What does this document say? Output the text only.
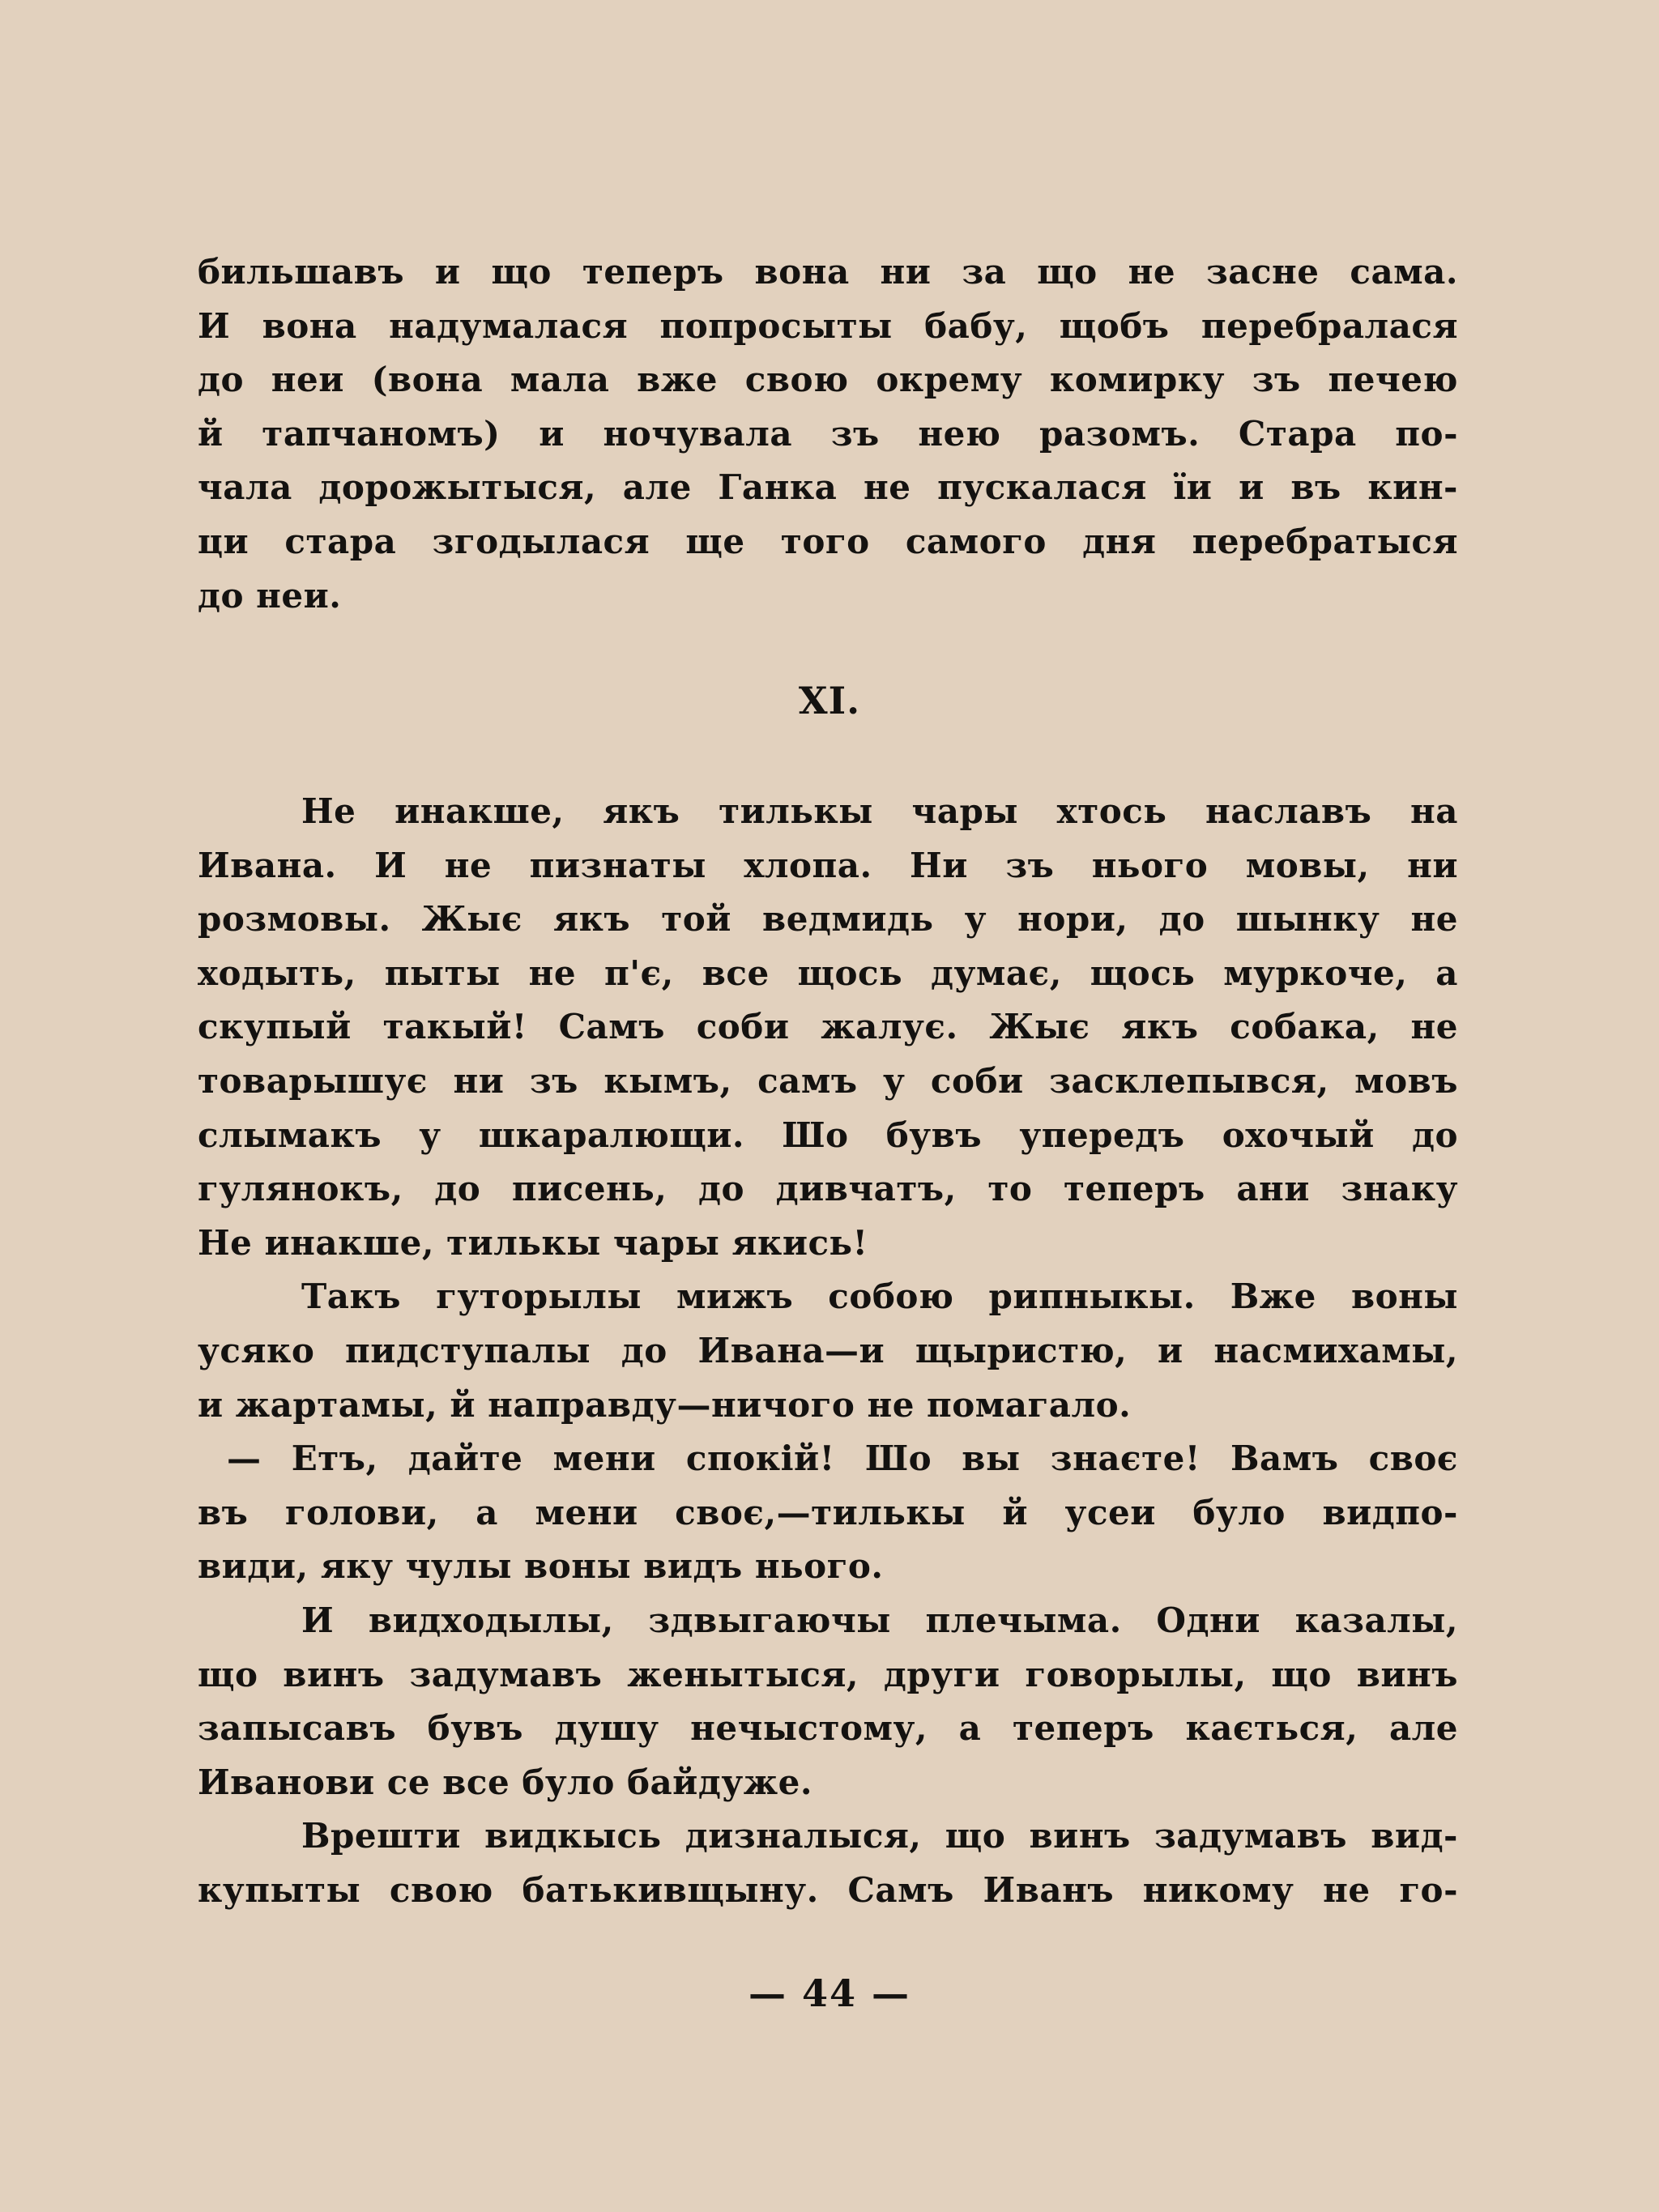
бильшавъ и що теперъ вона ни за що не засне сама.
И вона надумалася попросыты бабу, щобъ перебралася
до неи (вона мала вже свою окрему комирку зъ печею
й тапчаномъ) и ночувала зъ нею разомъ. Стара по-
чала дорожытыся, але Ганка не пускалася їи и въ кин-
ци стара згодылася ще того самого дня перебратыся
до неи.
XI.
Не инакше, якъ тилькы чары хтось наславъ на
Ивана. И не пизнаты хлопа. Ни зъ нього мовы, ни
розмовы. Жыє якъ той ведмидь у нори, до шынку не
ходыть, пыты не п'є, все щось думає, щось муркоче, а
скупый такый! Самъ соби жалує. Жыє якъ собака, не
товарышує ни зъ кымъ, самъ у соби засклепывся, мовъ
слымакъ у шкаралющи. Шо бувъ упередъ охочый до
гулянокъ, до писень, до дивчатъ, то теперъ ани знаку
Не инакше, тилькы чары якись!
Такъ гуторылы мижъ собою рипныкы. Вже воны
усяко пидступалы до Ивана—и щыристю, и насмихамы,
и жартамы, й направду—ничого не помагало.
— Етъ, дайте мени спокій! Шо вы знаєте! Вамъ своє
въ голови, а мени своє,—тилькы й усеи було видпо-
види, яку чулы воны видъ нього.
И видходылы, здвыгаючы плечыма. Одни казалы,
що винъ задумавъ женытыся, други говорылы, що винъ
запысавъ бувъ душу нечыстому, а теперъ кається, але
Иванови се все було байдуже.
Врешти видкысь дизналыся, що винъ задумавъ вид-
купыты свою батькивщыну. Самъ Иванъ никому не го-
— 44 —
